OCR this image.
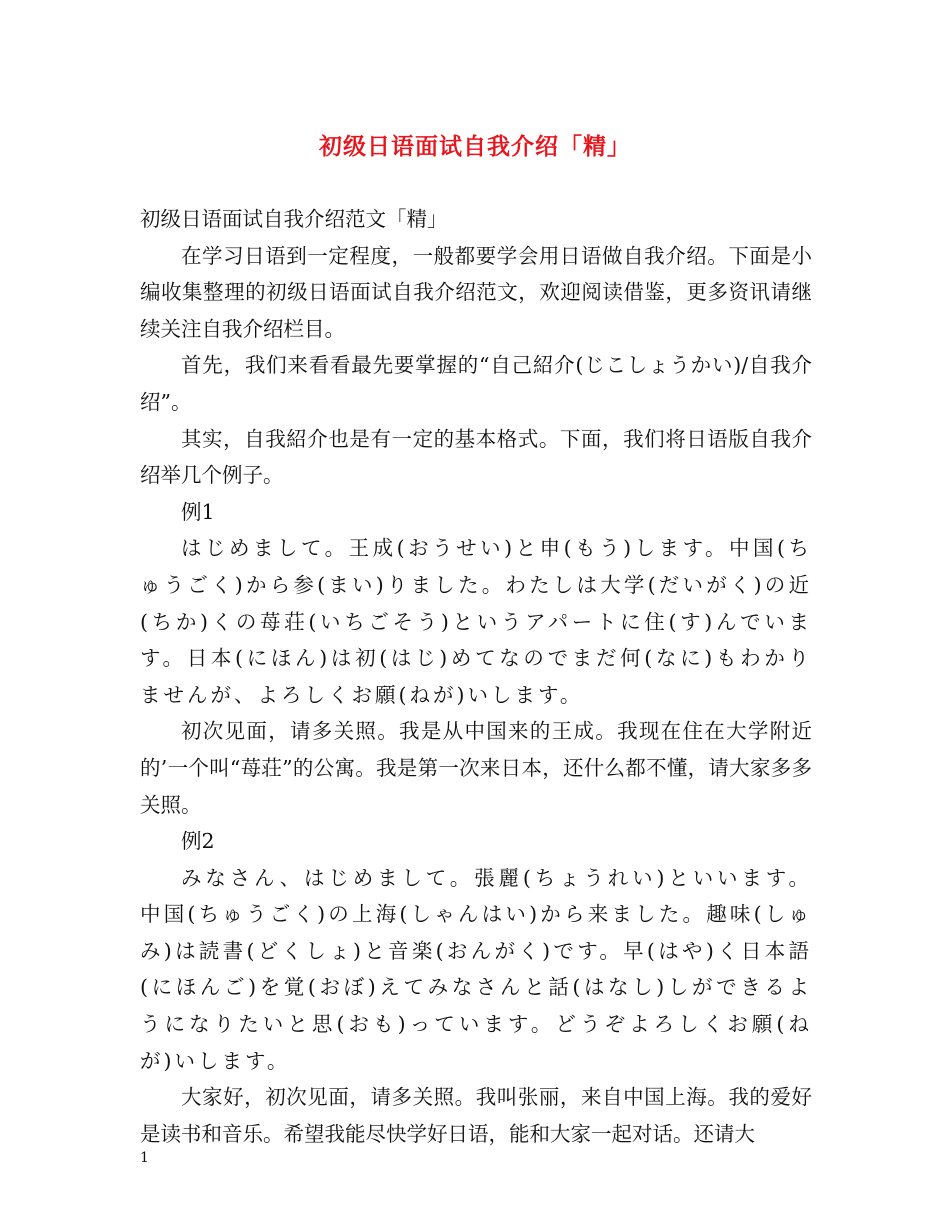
初级日语面试自我介绍「精」

初级日语面试自我介绍范文「精」

在学习日语到一定程度，一般都要学会用日语做自我介绍。下面是小编收集整理的初级日语面试自我介绍范文，欢迎阅读借鉴，更多资讯请继续关注自我介绍栏目。

首先，我们来看看最先要掌握的“自己紹介(じこしょうかい)/自我介绍”。

其实，自我紹介也是有一定的基本格式。下面，我们将日语版自我介绍举几个例子。

例1

はじめまして。王成(おうせい)と申(もう)します。中国(ちゅうごく)から参(まい)りました。わたしは大学(だいがく)の近(ちか)くの苺荘(いちごそう)というアパートに住(す)んでいます。日本(にほん)は初(はじ)めてなのでまだ何(なに)もわかりませんが、よろしくお願(ねが)いします。

初次见面，请多关照。我是从中国来的王成。我现在住在大学附近的’一个叫“苺荘”的公寓。我是第一次来日本，还什么都不懂，请大家多多关照。

例2

みなさん、はじめまして。張麗(ちょうれい)といいます。中国(ちゅうごく)の上海(しゃんはい)から来ました。趣味(しゅみ)は読書(どくしょ)と音楽(おんがく)です。早(はや)く日本語(にほんご)を覚(おぼ)えてみなさんと話(はなし)しができるようになりたいと思(おも)っています。どうぞよろしくお願(ねが)いします。

大家好，初次见面，请多关照。我叫张丽，来自中国上海。我的爱好是读书和音乐。希望我能尽快学好日语，能和大家一起对话。还请大

1
